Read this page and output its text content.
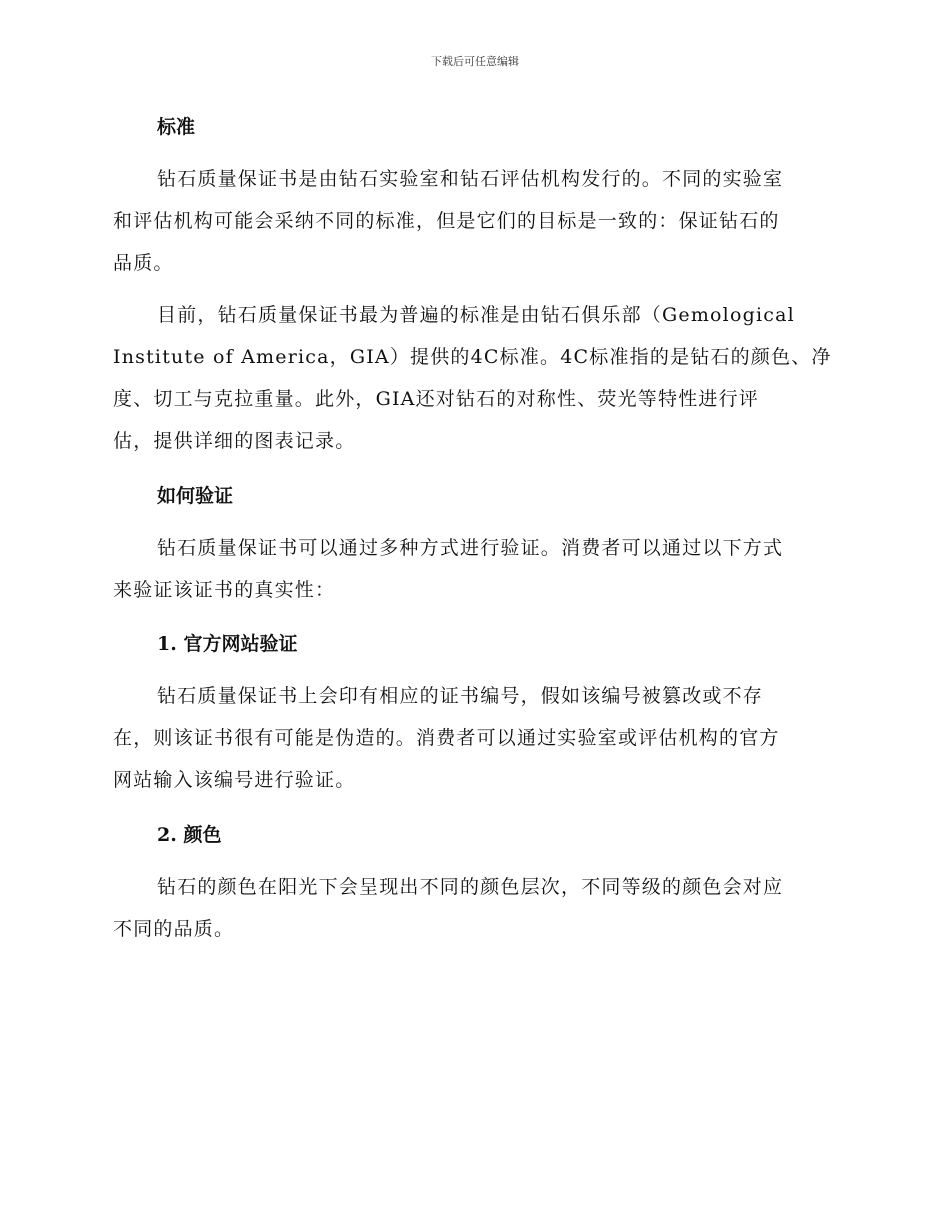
下载后可任意编辑
标准

钻石质量保证书是由钻石实验室和钻石评估机构发行的。不同的实验室
和评估机构可能会采纳不同的标准，但是它们的目标是一致的：保证钻石的
品质。

目前，钻石质量保证书最为普遍的标准是由钻石俱乐部（Gemological
Institute of America，GIA）提供的4C标准。4C标准指的是钻石的颜色、净
度、切工与克拉重量。此外，GIA还对钻石的对称性、荧光等特性进行评
估，提供详细的图表记录。

如何验证

钻石质量保证书可以通过多种方式进行验证。消费者可以通过以下方式
来验证该证书的真实性：

1. 官方网站验证

钻石质量保证书上会印有相应的证书编号，假如该编号被篡改或不存
在，则该证书很有可能是伪造的。消费者可以通过实验室或评估机构的官方
网站输入该编号进行验证。

2. 颜色

钻石的颜色在阳光下会呈现出不同的颜色层次，不同等级的颜色会对应
不同的品质。
